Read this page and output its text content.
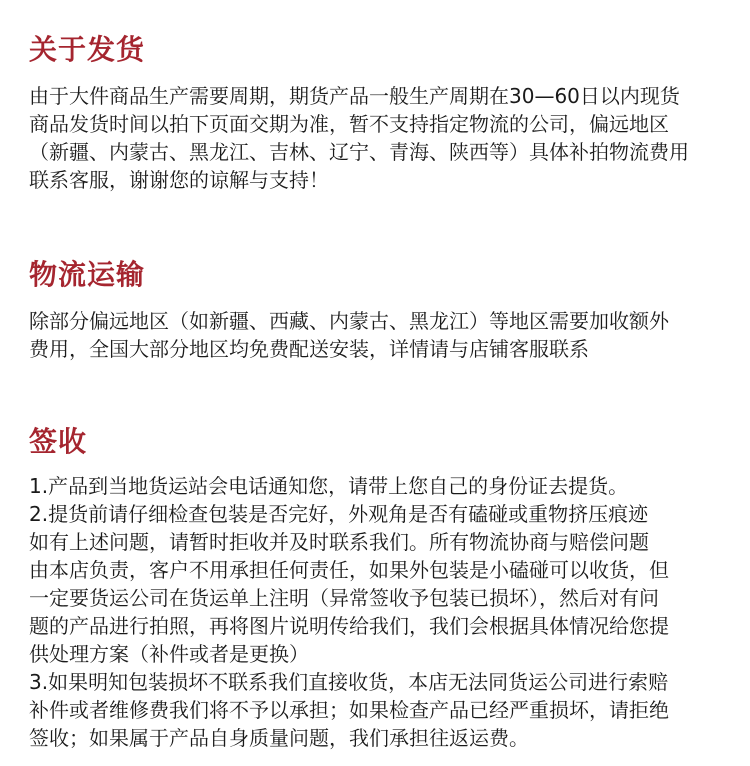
关于发货
由于大件商品生产需要周期，期货产品一般生产周期在30—60日以内现货
商品发货时间以拍下页面交期为准，暂不支持指定物流的公司，偏远地区
（新疆、内蒙古、黑龙江、吉林、辽宁、青海、陕西等）具体补拍物流费用
联系客服，谢谢您的谅解与支持！
物流运输
除部分偏远地区（如新疆、西藏、内蒙古、黑龙江）等地区需要加收额外
费用，全国大部分地区均免费配送安装，详情请与店铺客服联系
签收
1.产品到当地货运站会电话通知您，请带上您自己的身份证去提货。
2.提货前请仔细检查包装是否完好，外观角是否有磕碰或重物挤压痕迹
如有上述问题，请暂时拒收并及时联系我们。所有物流协商与赔偿问题
由本店负责，客户不用承担任何责任，如果外包装是小磕碰可以收货，但
一定要货运公司在货运单上注明（异常签收予包装已损坏），然后对有问
题的产品进行拍照，再将图片说明传给我们，我们会根据具体情况给您提
供处理方案（补件或者是更换）
3.如果明知包装损坏不联系我们直接收货，本店无法同货运公司进行索赔
补件或者维修费我们将不予以承担；如果检查产品已经严重损坏，请拒绝
签收；如果属于产品自身质量问题，我们承担往返运费。
